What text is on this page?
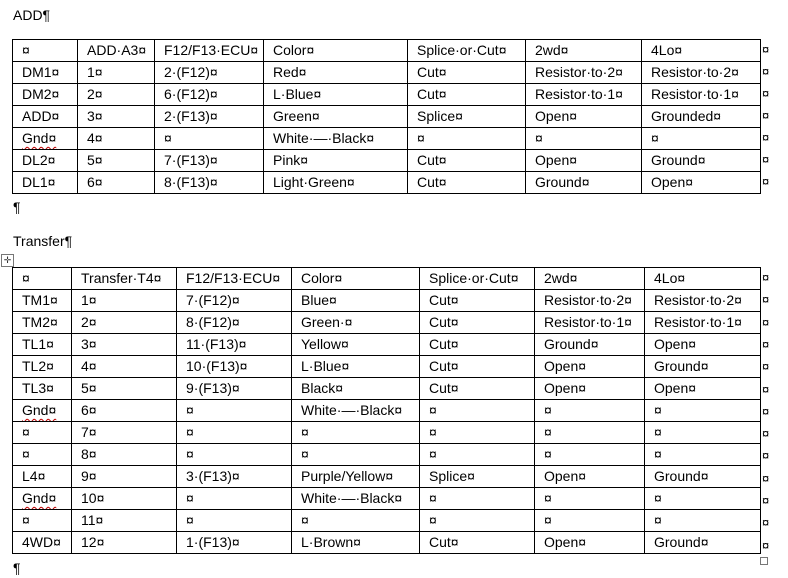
ADD¶
¤	ADD·A3¤	F12/F13·ECU¤	Color¤	Splice·or·Cut¤	2wd¤	4Lo¤
DM1¤	1¤	2·(F12)¤	Red¤	Cut¤	Resistor·to·2¤	Resistor·to·2¤
DM2¤	2¤	6·(F12)¤	L·Blue¤	Cut¤	Resistor·to·1¤	Resistor·to·1¤
ADD¤	3¤	2·(F13)¤	Green¤	Splice¤	Open¤	Grounded¤
Gnd¤	4¤	¤	White·—·Black¤	¤	¤	¤
DL2¤	5¤	7·(F13)¤	Pink¤	Cut¤	Open¤	Ground¤
DL1¤	6¤	8·(F13)¤	Light·Green¤	Cut¤	Ground¤	Open¤
¶
Transfer¶
✛
¤	Transfer·T4¤	F12/F13·ECU¤	Color¤	Splice·or·Cut¤	2wd¤	4Lo¤
TM1¤	1¤	7·(F12)¤	Blue¤	Cut¤	Resistor·to·2¤	Resistor·to·2¤
TM2¤	2¤	8·(F12)¤	Green·¤	Cut¤	Resistor·to·1¤	Resistor·to·1¤
TL1¤	3¤	11·(F13)¤	Yellow¤	Cut¤	Ground¤	Open¤
TL2¤	4¤	10·(F13)¤	L·Blue¤	Cut¤	Open¤	Ground¤
TL3¤	5¤	9·(F13)¤	Black¤	Cut¤	Open¤	Open¤
Gnd¤	6¤	¤	White·—·Black¤	¤	¤	¤
¤	7¤	¤	¤	¤	¤	¤
¤	8¤	¤	¤	¤	¤	¤
L4¤	9¤	3·(F13)¤	Purple/Yellow¤	Splice¤	Open¤	Ground¤
Gnd¤	10¤	¤	White·—·Black¤	¤	¤	¤
¤	11¤	¤	¤	¤	¤	¤
4WD¤	12¤	1·(F13)¤	L·Brown¤	Cut¤	Open¤	Ground¤
¶
¤
¤
¤
¤
¤
¤
¤
¤
¤
¤
¤
¤
¤
¤
¤
¤
¤
¤
¤
¤
